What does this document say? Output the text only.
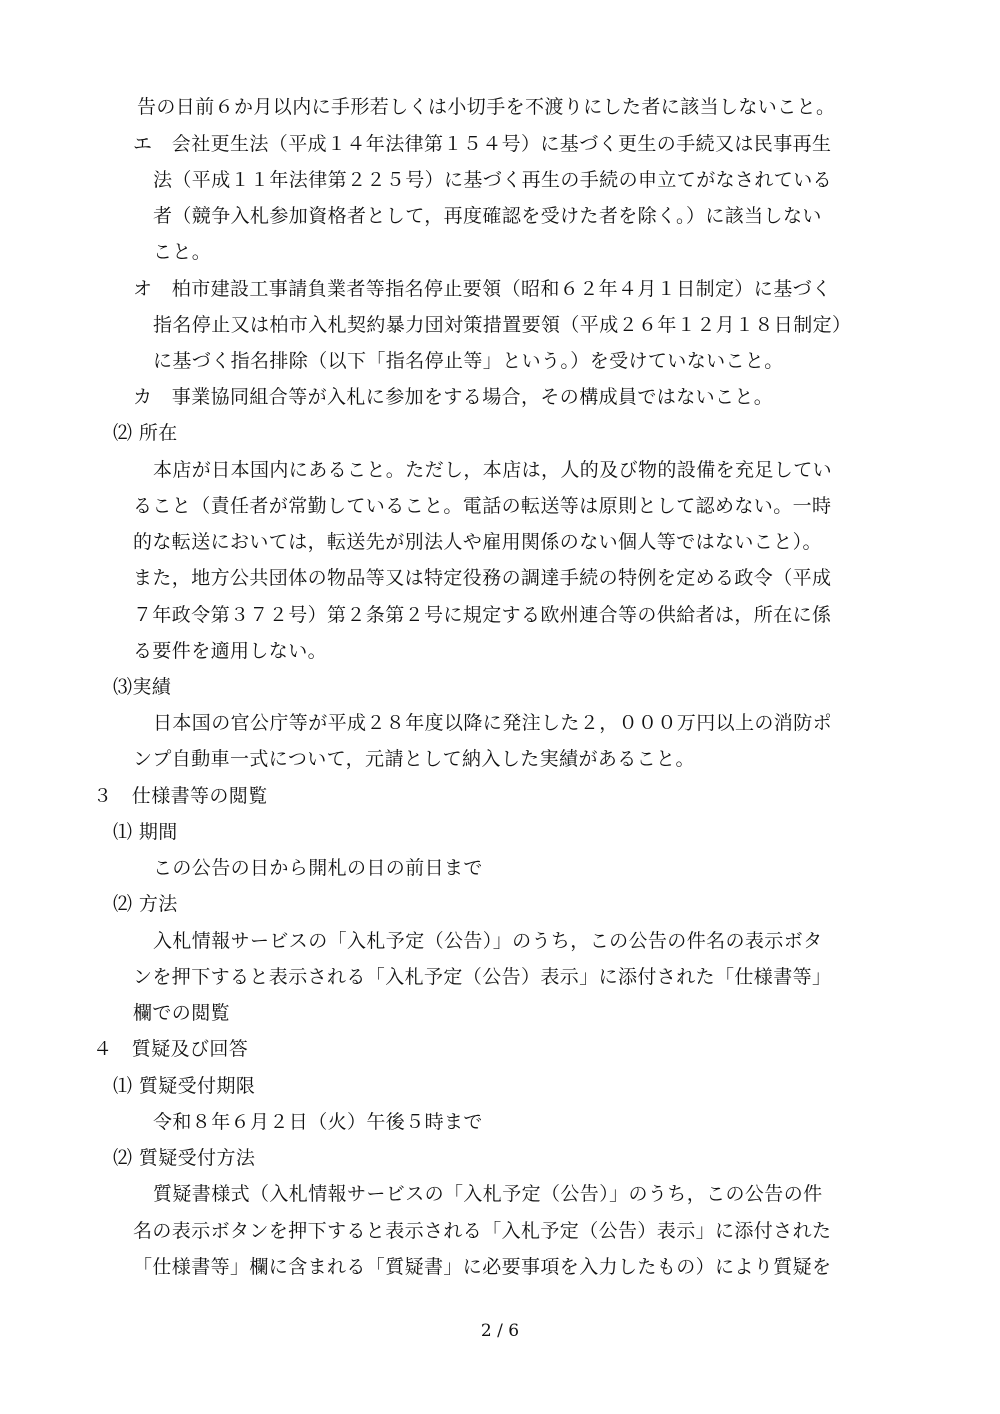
告の日前６か月以内に手形若しくは小切手を不渡りにした者に該当しないこと。
エ　会社更生法（平成１４年法律第１５４号）に基づく更生の手続又は民事再生
法（平成１１年法律第２２５号）に基づく再生の手続の申立てがなされている
者（競争入札参加資格者として，再度確認を受けた者を除く。）に該当しない
こと。
オ　柏市建設工事請負業者等指名停止要領（昭和６２年４月１日制定）に基づく
指名停止又は柏市入札契約暴力団対策措置要領（平成２６年１２月１８日制定）
に基づく指名排除（以下「指名停止等」という。）を受けていないこと。
カ　事業協同組合等が入札に参加をする場合，その構成員ではないこと。
⑵ 所在
本店が日本国内にあること。ただし，本店は，人的及び物的設備を充足してい
ること（責任者が常勤していること。電話の転送等は原則として認めない。一時
的な転送においては，転送先が別法人や雇用関係のない個人等ではないこと）。
また，地方公共団体の物品等又は特定役務の調達手続の特例を定める政令（平成
７年政令第３７２号）第２条第２号に規定する欧州連合等の供給者は，所在に係
る要件を適用しない。
⑶実績
日本国の官公庁等が平成２８年度以降に発注した２，０００万円以上の消防ポ
ンプ自動車一式について，元請として納入した実績があること。
３　仕様書等の閲覧
⑴ 期間
この公告の日から開札の日の前日まで
⑵ 方法
入札情報サービスの「入札予定（公告）」のうち，この公告の件名の表示ボタ
ンを押下すると表示される「入札予定（公告）表示」に添付された「仕様書等」
欄での閲覧
４　質疑及び回答
⑴ 質疑受付期限
令和８年６月２日（火）午後５時まで
⑵ 質疑受付方法
質疑書様式（入札情報サービスの「入札予定（公告）」のうち，この公告の件
名の表示ボタンを押下すると表示される「入札予定（公告）表示」に添付された
「仕様書等」欄に含まれる「質疑書」に必要事項を入力したもの）により質疑を
2 / 6
